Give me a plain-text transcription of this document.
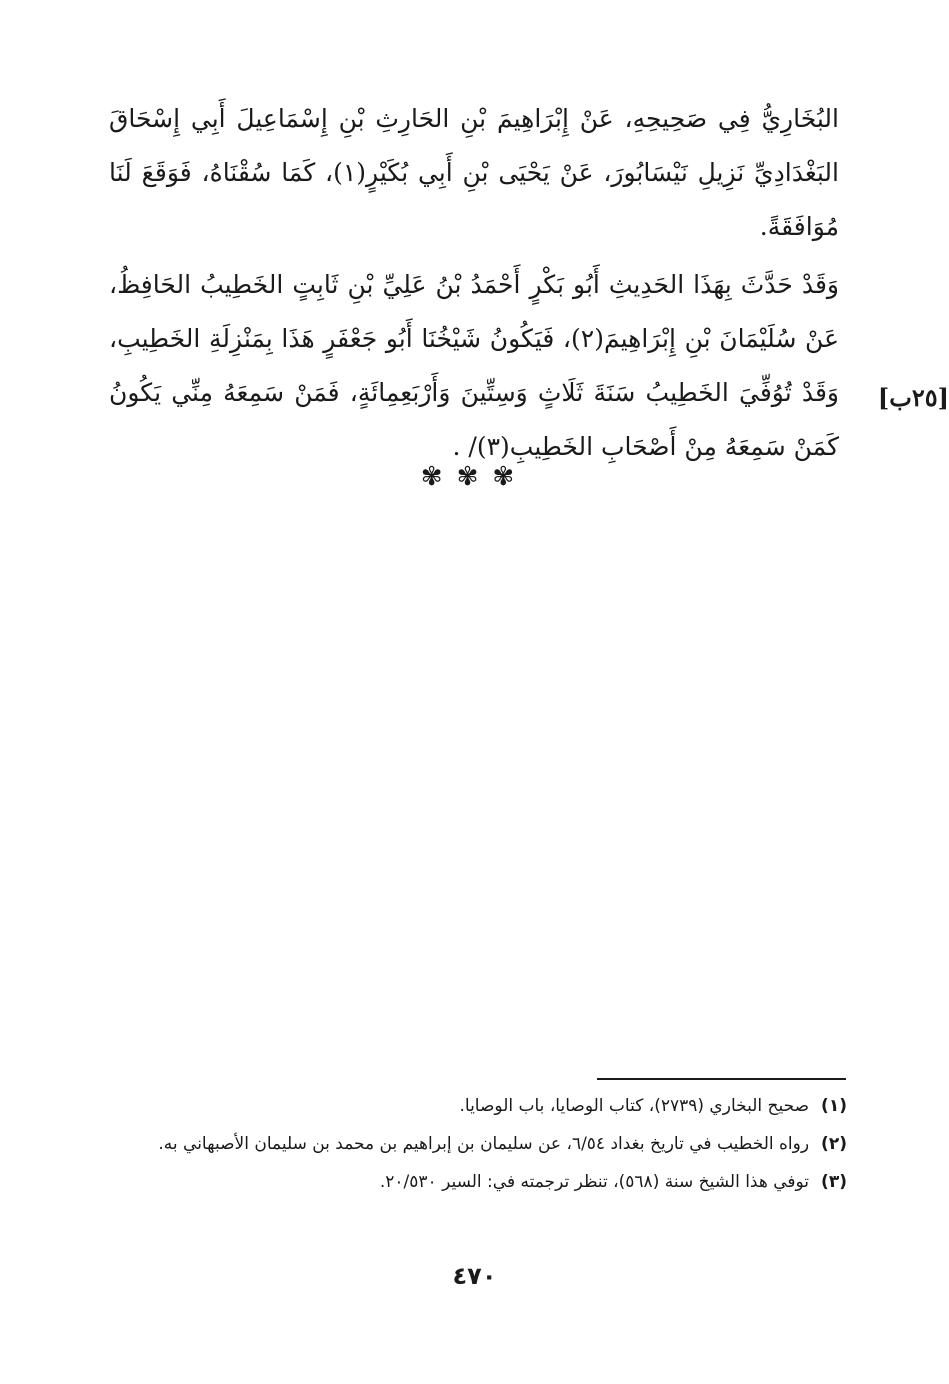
البُخَارِيُّ فِي صَحِيحِهِ، عَنْ إِبْرَاهِيمَ بْنِ الحَارِثِ بْنِ إِسْمَاعِيلَ أَبِي إِسْحَاقَ البَغْدَادِيِّ نَزِيلِ نَيْسَابُورَ، عَنْ يَحْيَى بْنِ أَبِي بُكَيْرٍ(١)، كَمَا سُقْنَاهُ، فَوَقَعَ لَنَا مُوَافَقَةً.

وَقَدْ حَدَّثَ بِهَذَا الحَدِيثِ أَبُو بَكْرٍ أَحْمَدُ بْنُ عَلِيِّ بْنِ ثَابِتٍ الخَطِيبُ الحَافِظُ، عَنْ سُلَيْمَانَ بْنِ إِبْرَاهِيمَ(٢)، فَيَكُونُ شَيْخُنَا أَبُو جَعْفَرٍ هَذَا بِمَنْزِلَةِ الخَطِيبِ، وَقَدْ تُوُفِّيَ الخَطِيبُ سَنَةَ ثَلَاثٍ وَسِتِّينَ وَأَرْبَعِمِائَةٍ، فَمَنْ سَمِعَهُ مِنِّي يَكُونُ كَمَنْ سَمِعَهُ مِنْ أَصْحَابِ الخَطِيبِ(٣)/ .

[٢٥ب]
✾✾✾
(١)
صحيح البخاري (٢٧٣٩)، كتاب الوصايا، باب الوصايا.
(٢)
رواه الخطيب في تاريخ بغداد ٦/٥٤، عن سليمان بن إبراهيم بن محمد بن سليمان الأصبهاني به.
(٣)
توفي هذا الشيخ سنة (٥٦٨)، تنظر ترجمته في: السير ٢٠/٥٣٠.
٤٧٠
